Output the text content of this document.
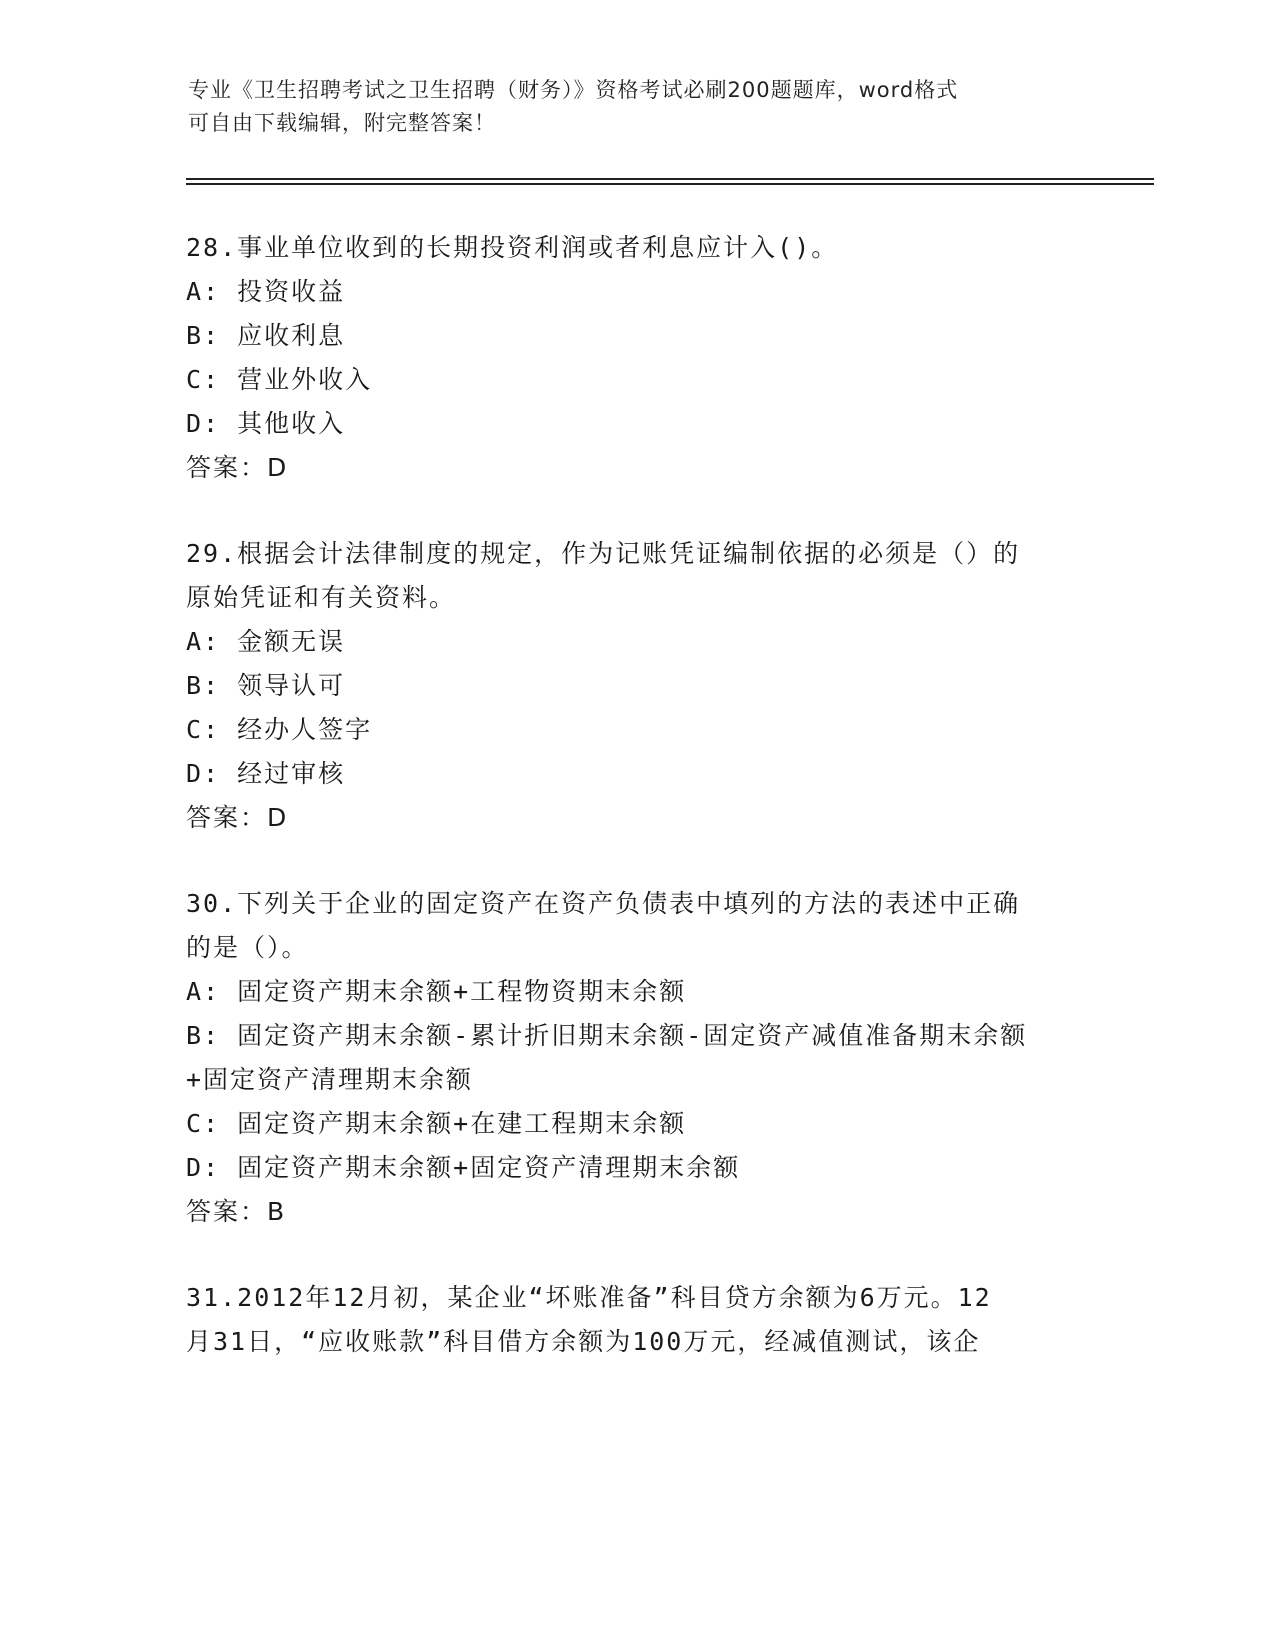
专业《卫生招聘考试之卫生招聘（财务）》资格考试必刷200题题库，word格式
可自由下载编辑，附完整答案！
28.事业单位收到的长期投资利润或者利息应计入()。
A: 投资收益
B: 应收利息
C: 营业外收入
D: 其他收入
答案：D
29.根据会计法律制度的规定，作为记账凭证编制依据的必须是（）的
原始凭证和有关资料。
A: 金额无误
B: 领导认可
C: 经办人签字
D: 经过审核
答案：D
30.下列关于企业的固定资产在资产负债表中填列的方法的表述中正确
的是（）。
A: 固定资产期末余额+工程物资期末余额
B: 固定资产期末余额-累计折旧期末余额-固定资产减值准备期末余额
+固定资产清理期末余额
C: 固定资产期末余额+在建工程期末余额
D: 固定资产期末余额+固定资产清理期末余额
答案：B
31.2012年12月初，某企业“坏账准备”科目贷方余额为6万元。12
月31日，“应收账款”科目借方余额为100万元，经减值测试，该企
